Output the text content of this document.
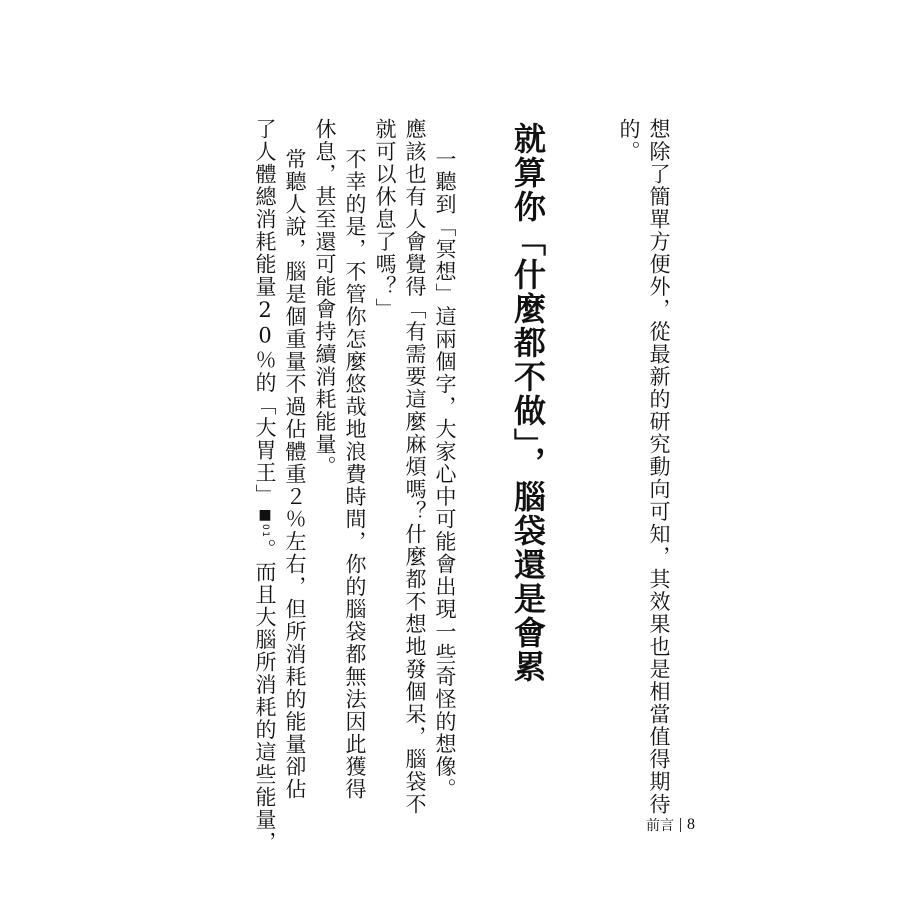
想除了簡單方便外，從最新的研究動向可知，其效果也是相當值得期待
的。
就算你「什麼都不做」，腦袋還是會累
一聽到「冥想」這兩個字，大家心中可能會出現一些奇怪的想像。
應該也有人會覺得「有需要這麼麻煩嗎？什麼都不想地發個呆，腦袋不
就可以休息了嗎？」
不幸的是，不管你怎麼悠哉地浪費時間，你的腦袋都無法因此獲得
休息，甚至還可能會持續消耗能量。
常聽人說，腦是個重量不過佔體重２％左右，但所消耗的能量卻佔
了人體總消耗能量20％的「大胃王」■01。而且大腦所消耗的這些能量，	前言 8
